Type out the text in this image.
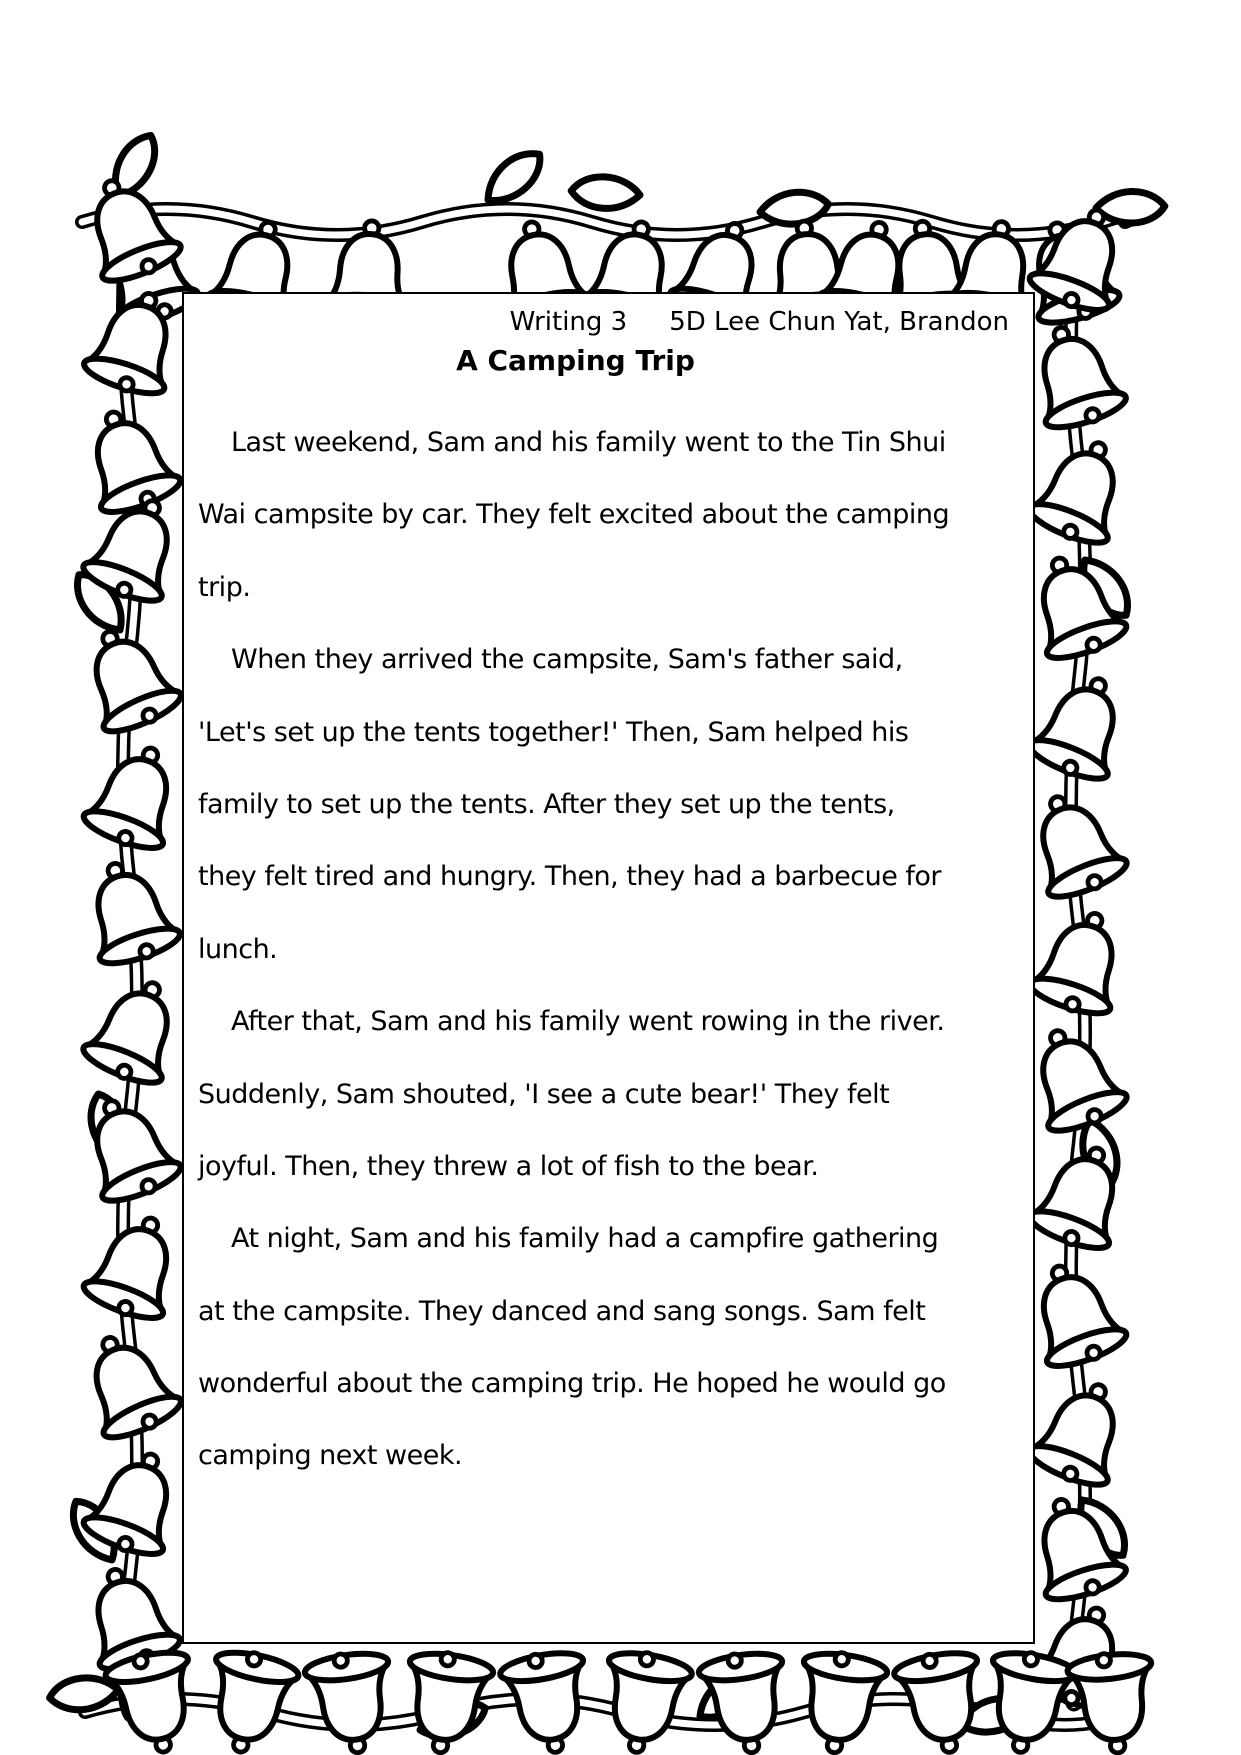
Writing 3 5D Lee Chun Yat, Brandon
A Camping Trip
Last weekend, Sam and his family went to the Tin Shui
Wai campsite by car. They felt excited about the camping
trip.
When they arrived the campsite, Sam's father said,
'Let's set up the tents together!' Then, Sam helped his
family to set up the tents. After they set up the tents,
they felt tired and hungry. Then, they had a barbecue for
lunch.
After that, Sam and his family went rowing in the river.
Suddenly, Sam shouted, 'I see a cute bear!' They felt
joyful. Then, they threw a lot of fish to the bear.
At night, Sam and his family had a campfire gathering
at the campsite. They danced and sang songs. Sam felt
wonderful about the camping trip. He hoped he would go
camping next week.
